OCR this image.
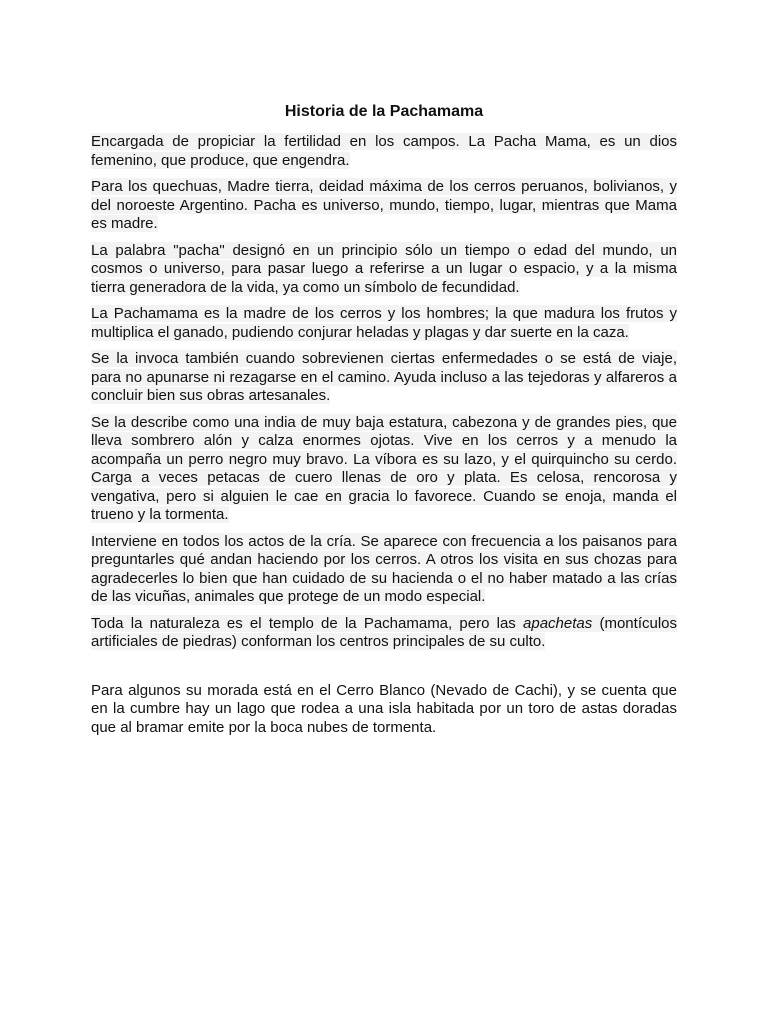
Historia de la Pachamama

Encargada de propiciar la fertilidad en los campos. La Pacha Mama, es un dios femenino, que produce, que engendra.

Para los quechuas, Madre tierra, deidad máxima de los cerros peruanos, bolivianos, y del noroeste Argentino. Pacha es universo, mundo, tiempo, lugar, mientras que Mama es madre.

La palabra "pacha" designó en un principio sólo un tiempo o edad del mundo, un cosmos o universo, para pasar luego a referirse a un lugar o espacio, y a la misma tierra generadora de la vida, ya como un símbolo de fecundidad.

La Pachamama es la madre de los cerros y los hombres; la que madura los frutos y multiplica el ganado, pudiendo conjurar heladas y plagas y dar suerte en la caza.

Se la invoca también cuando sobrevienen ciertas enfermedades o se está de viaje, para no apunarse ni rezagarse en el camino. Ayuda incluso a las tejedoras y alfareros a concluir bien sus obras artesanales.

Se la describe como una india de muy baja estatura, cabezona y de grandes pies, que lleva sombrero alón y calza enormes ojotas. Vive en los cerros y a menudo la acompaña un perro negro muy bravo. La víbora es su lazo, y el quirquincho su cerdo. Carga a veces petacas de cuero llenas de oro y plata. Es celosa, rencorosa y vengativa, pero si alguien le cae en gracia lo favorece. Cuando se enoja, manda el trueno y la tormenta.

Interviene en todos los actos de la cría. Se aparece con frecuencia a los paisanos para preguntarles qué andan haciendo por los cerros. A otros los visita en sus chozas para agradecerles lo bien que han cuidado de su hacienda o el no haber matado a las crías de las vicuñas, animales que protege de un modo especial.

Toda la naturaleza es el templo de la Pachamama, pero las apachetas (montículos artificiales de piedras) conforman los centros principales de su culto.

Para algunos su morada está en el Cerro Blanco (Nevado de Cachi), y se cuenta que en la cumbre hay un lago que rodea a una isla habitada por un toro de astas doradas que al bramar emite por la boca nubes de tormenta.
